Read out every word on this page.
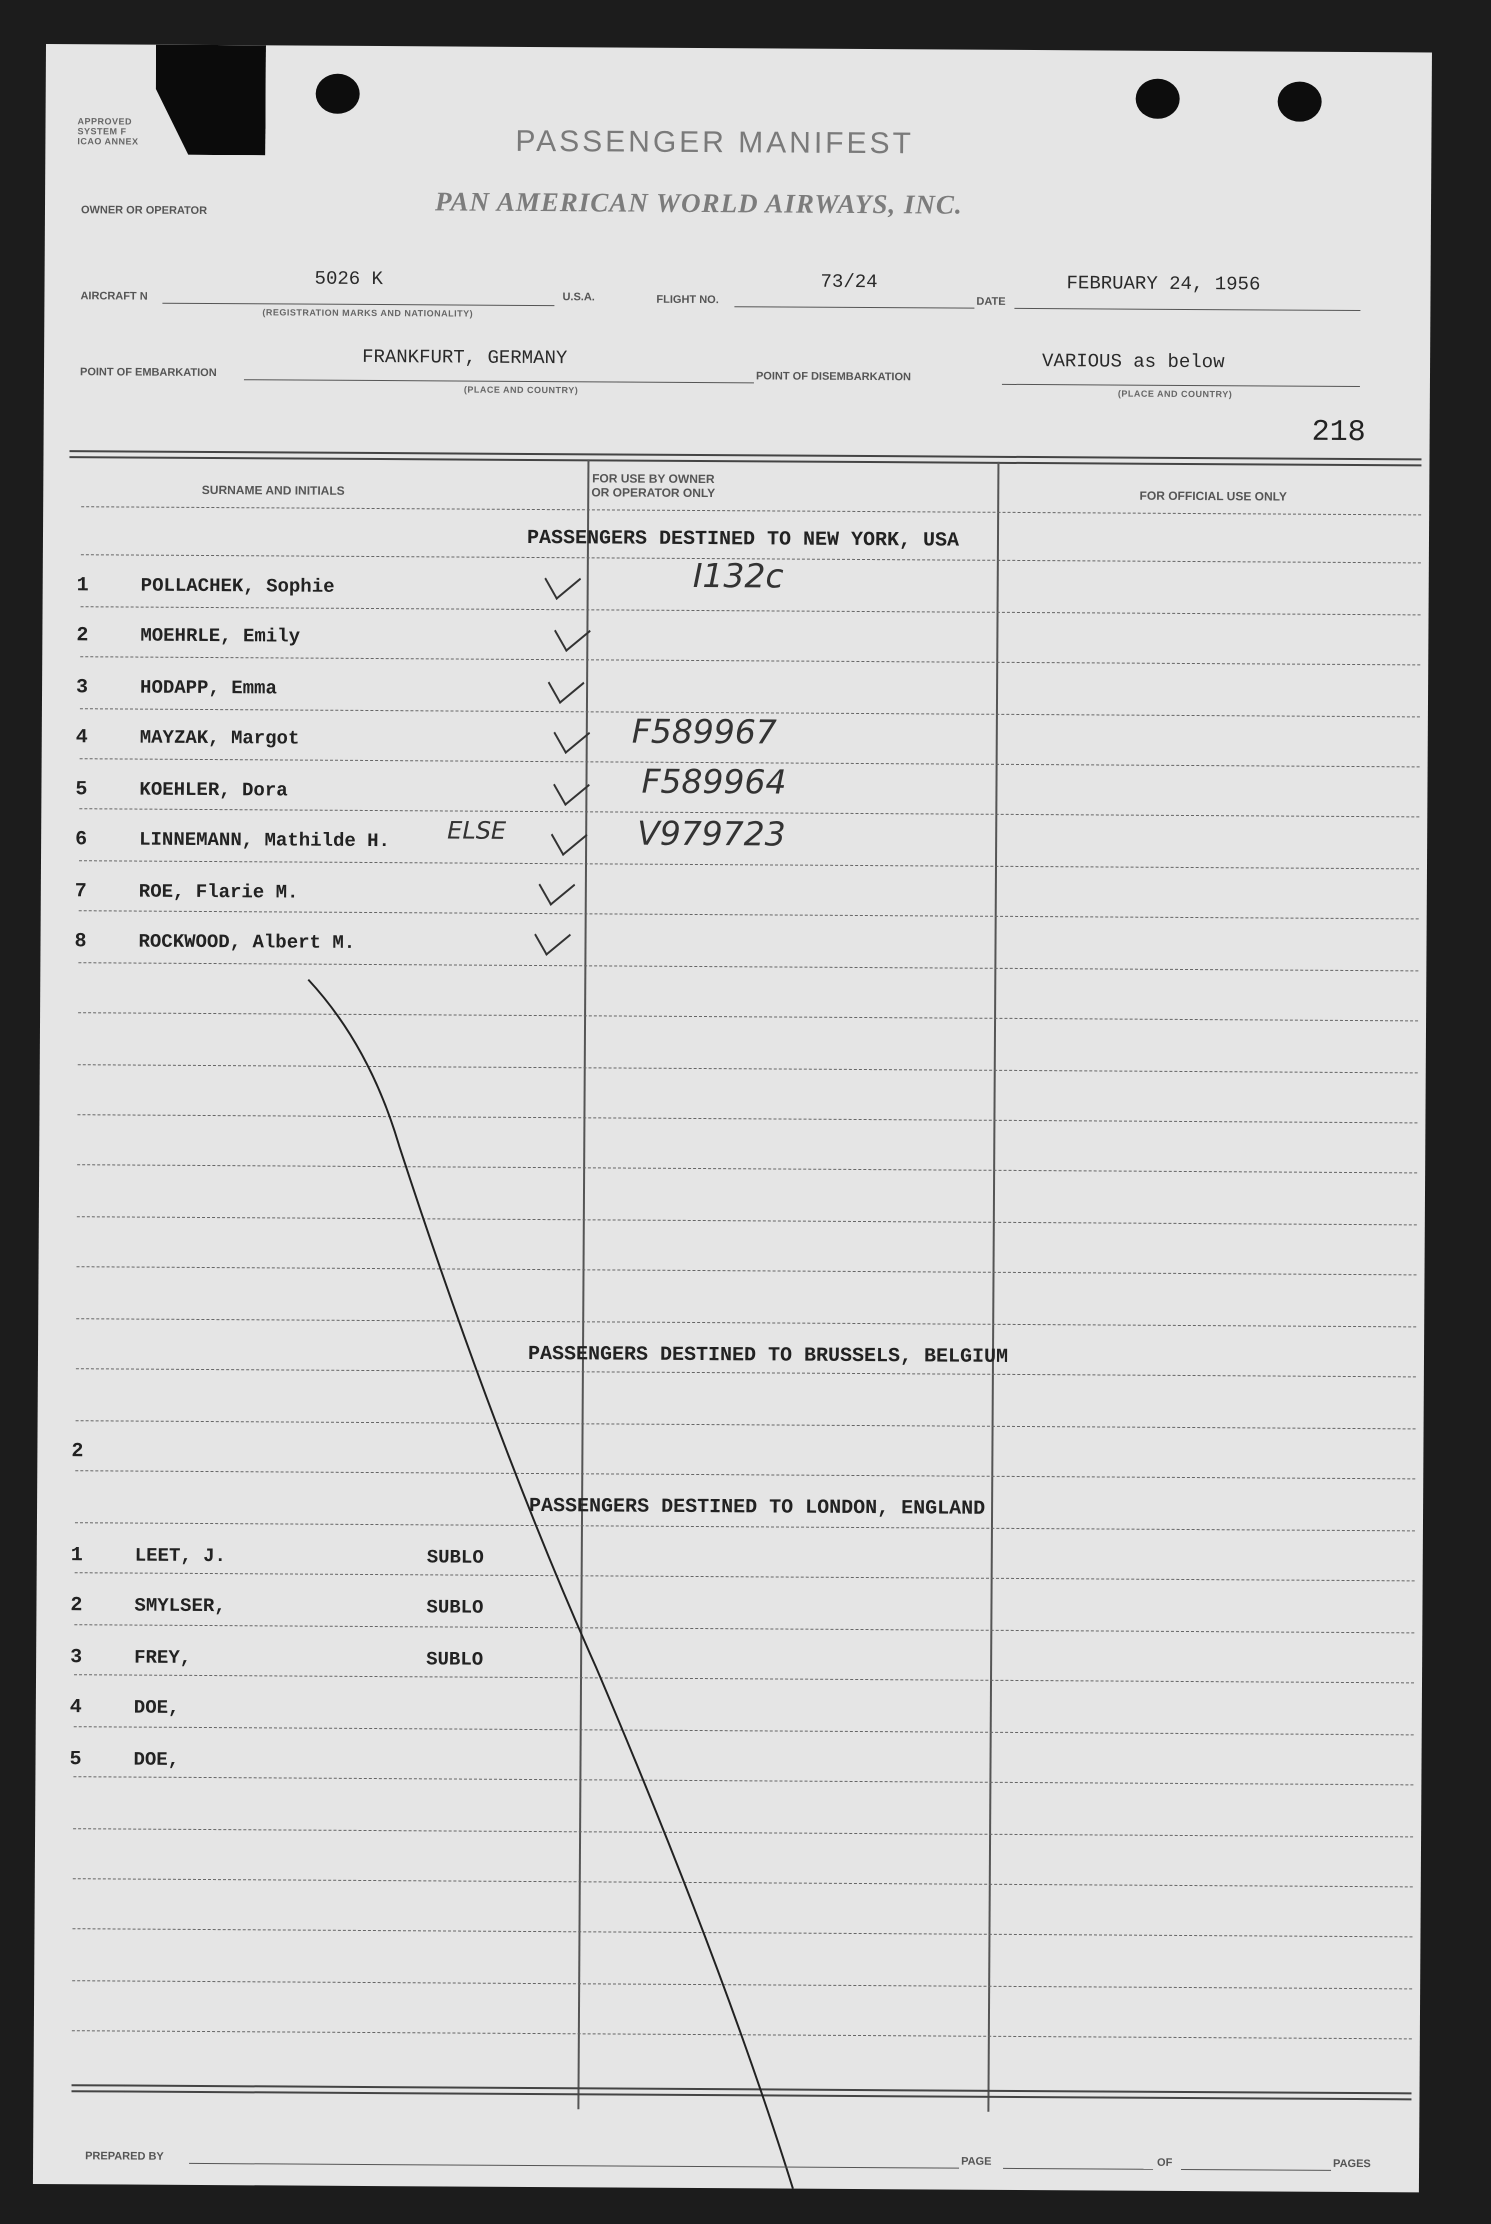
APPROVED
SYSTEM F
ICAO ANNEX	PASSENGER MANIFEST
OWNER OR OPERATOR	PAN AMERICAN WORLD AIRWAYS, INC.
AIRCRAFT N
5026 K
(REGISTRATION MARKS AND NATIONALITY)
U.S.A.	FLIGHT NO.
73/24
DATE
FEBRUARY 24, 1956
POINT OF EMBARKATION
FRANKFURT, GERMANY
(PLACE AND COUNTRY)
POINT OF DISEMBARKATION
VARIOUS as below
(PLACE AND COUNTRY)
218
SURNAME AND INITIALS
FOR USE BY OWNER
OR OPERATOR ONLY	FOR OFFICIAL USE ONLY
PASSENGERS DESTINED TO NEW YORK, USA
1	POLLACHEK, Sophie	I132c
2	MOEHRLE, Emily
3	HODAPP, Emma
4	MAYZAK, Margot	F589967
5	KOEHLER, Dora	F589964
6	LINNEMANN, Mathilde H. ELSE	V979723
7	ROE, Flarie M.
8	ROCKWOOD, Albert M.
PASSENGERS DESTINED TO BRUSSELS, BELGIUM
2
PASSENGERS DESTINED TO LONDON, ENGLAND
1	LEET, J.	SUBLO
2	SMYLSER,	SUBLO
3	FREY,	SUBLO
4	DOE,
5	DOE,
PREPARED BY	PAGE	OF	PAGES
